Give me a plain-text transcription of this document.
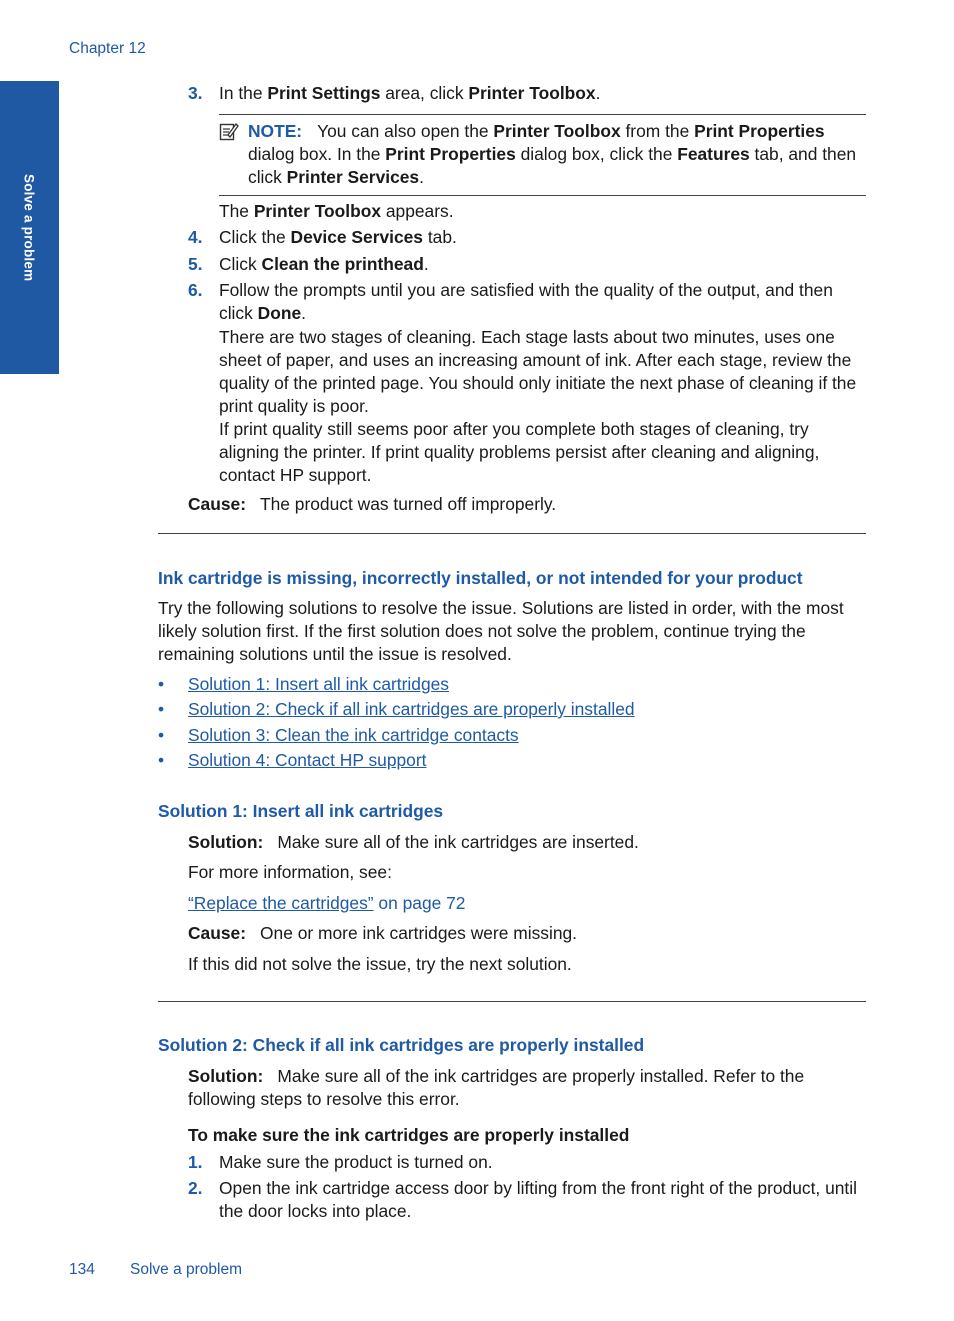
Chapter 12
Solve a problem
3. In the Print Settings area, click Printer Toolbox.
NOTE: You can also open the Printer Toolbox from the Print Properties dialog box. In the Print Properties dialog box, click the Features tab, and then click Printer Services.
The Printer Toolbox appears.
4. Click the Device Services tab.
5. Click Clean the printhead.
6. Follow the prompts until you are satisfied with the quality of the output, and then click Done.
There are two stages of cleaning. Each stage lasts about two minutes, uses one sheet of paper, and uses an increasing amount of ink. After each stage, review the quality of the printed page. You should only initiate the next phase of cleaning if the print quality is poor.
If print quality still seems poor after you complete both stages of cleaning, try aligning the printer. If print quality problems persist after cleaning and aligning, contact HP support.
Cause: The product was turned off improperly.
Ink cartridge is missing, incorrectly installed, or not intended for your product
Try the following solutions to resolve the issue. Solutions are listed in order, with the most likely solution first. If the first solution does not solve the problem, continue trying the remaining solutions until the issue is resolved.
• Solution 1: Insert all ink cartridges
• Solution 2: Check if all ink cartridges are properly installed
• Solution 3: Clean the ink cartridge contacts
• Solution 4: Contact HP support
Solution 1: Insert all ink cartridges
Solution: Make sure all of the ink cartridges are inserted.
For more information, see:
“Replace the cartridges” on page 72
Cause: One or more ink cartridges were missing.
If this did not solve the issue, try the next solution.
Solution 2: Check if all ink cartridges are properly installed
Solution: Make sure all of the ink cartridges are properly installed. Refer to the following steps to resolve this error.
To make sure the ink cartridges are properly installed
1. Make sure the product is turned on.
2. Open the ink cartridge access door by lifting from the front right of the product, until the door locks into place.
134 Solve a problem
